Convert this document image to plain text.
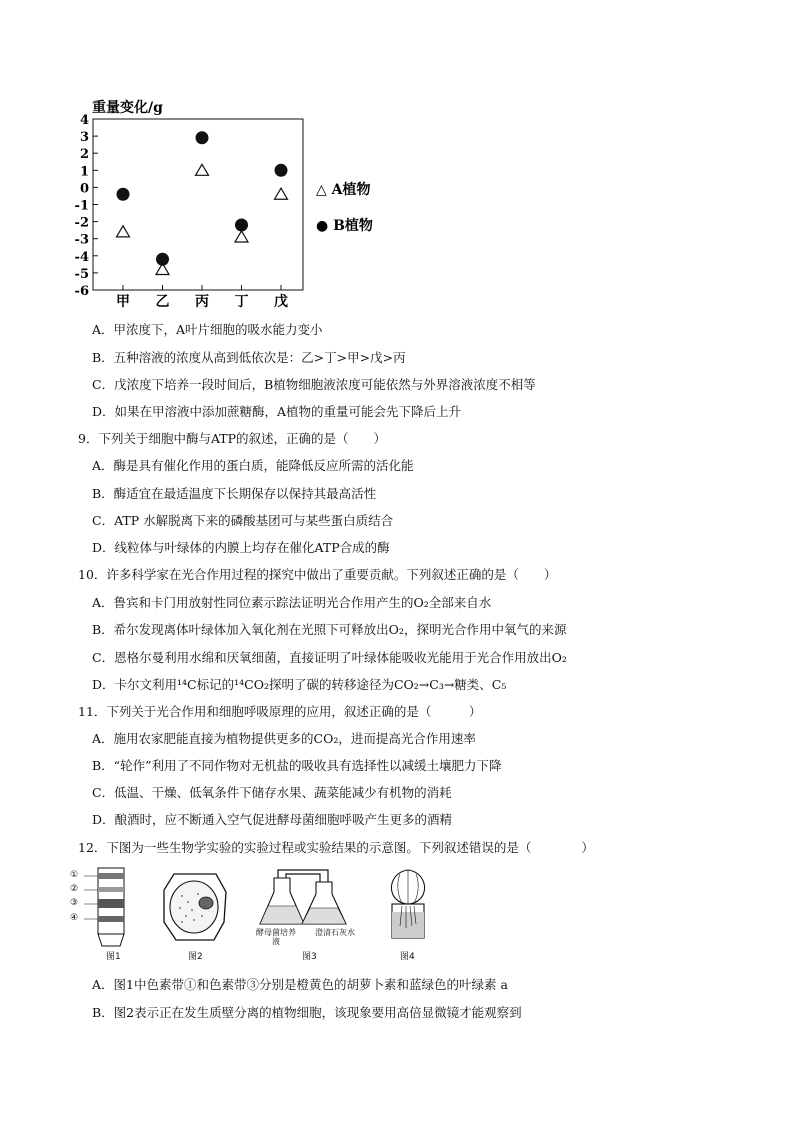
重量变化/g
4
3
2
1
0
-1
-2
-3
-4
-5
-6
甲 乙 丙 丁 戊
△ A植物
● B植物
A．甲浓度下，A叶片细胞的吸水能力变小
B．五种溶液的浓度从高到低依次是：乙>丁>甲>戊>丙
C．戊浓度下培养一段时间后，B植物细胞液浓度可能依然与外界溶液浓度不相等
D．如果在甲溶液中添加蔗糖酶，A植物的重量可能会先下降后上升
9．下列关于细胞中酶与ATP的叙述，正确的是（　　）
A．酶是具有催化作用的蛋白质，能降低反应所需的活化能
B．酶适宜在最适温度下长期保存以保持其最高活性
C．ATP 水解脱离下来的磷酸基团可与某些蛋白质结合
D．线粒体与叶绿体的内膜上均存在催化ATP合成的酶
10．许多科学家在光合作用过程的探究中做出了重要贡献。下列叙述正确的是（　　）
A．鲁宾和卡门用放射性同位素示踪法证明光合作用产生的O₂全部来自水
B．希尔发现离体叶绿体加入氧化剂在光照下可释放出O₂，探明光合作用中氧气的来源
C．恩格尔曼利用水绵和厌氧细菌，直接证明了叶绿体能吸收光能用于光合作用放出O₂
D．卡尔文利用¹⁴C标记的¹⁴CO₂探明了碳的转移途径为CO₂→C₃→糖类、C₅
11．下列关于光合作用和细胞呼吸原理的应用，叙述正确的是（　　　）
A．施用农家肥能直接为植物提供更多的CO₂，进而提高光合作用速率
B．“轮作”利用了不同作物对无机盐的吸收具有选择性以减缓土壤肥力下降
C．低温、干燥、低氧条件下储存水果、蔬菜能减少有机物的消耗
D．酿酒时，应不断通入空气促进酵母菌细胞呼吸产生更多的酒精
12．下图为一些生物学实验的实验过程或实验结果的示意图。下列叙述错误的是（　　　　）
①
②
③
④
图1	图2
酵母菌培养液
澄清石灰水
图3	图4
A．图1中色素带①和色素带③分别是橙黄色的胡萝卜素和蓝绿色的叶绿素 a
B．图2表示正在发生质壁分离的植物细胞，该现象要用高倍显微镜才能观察到
